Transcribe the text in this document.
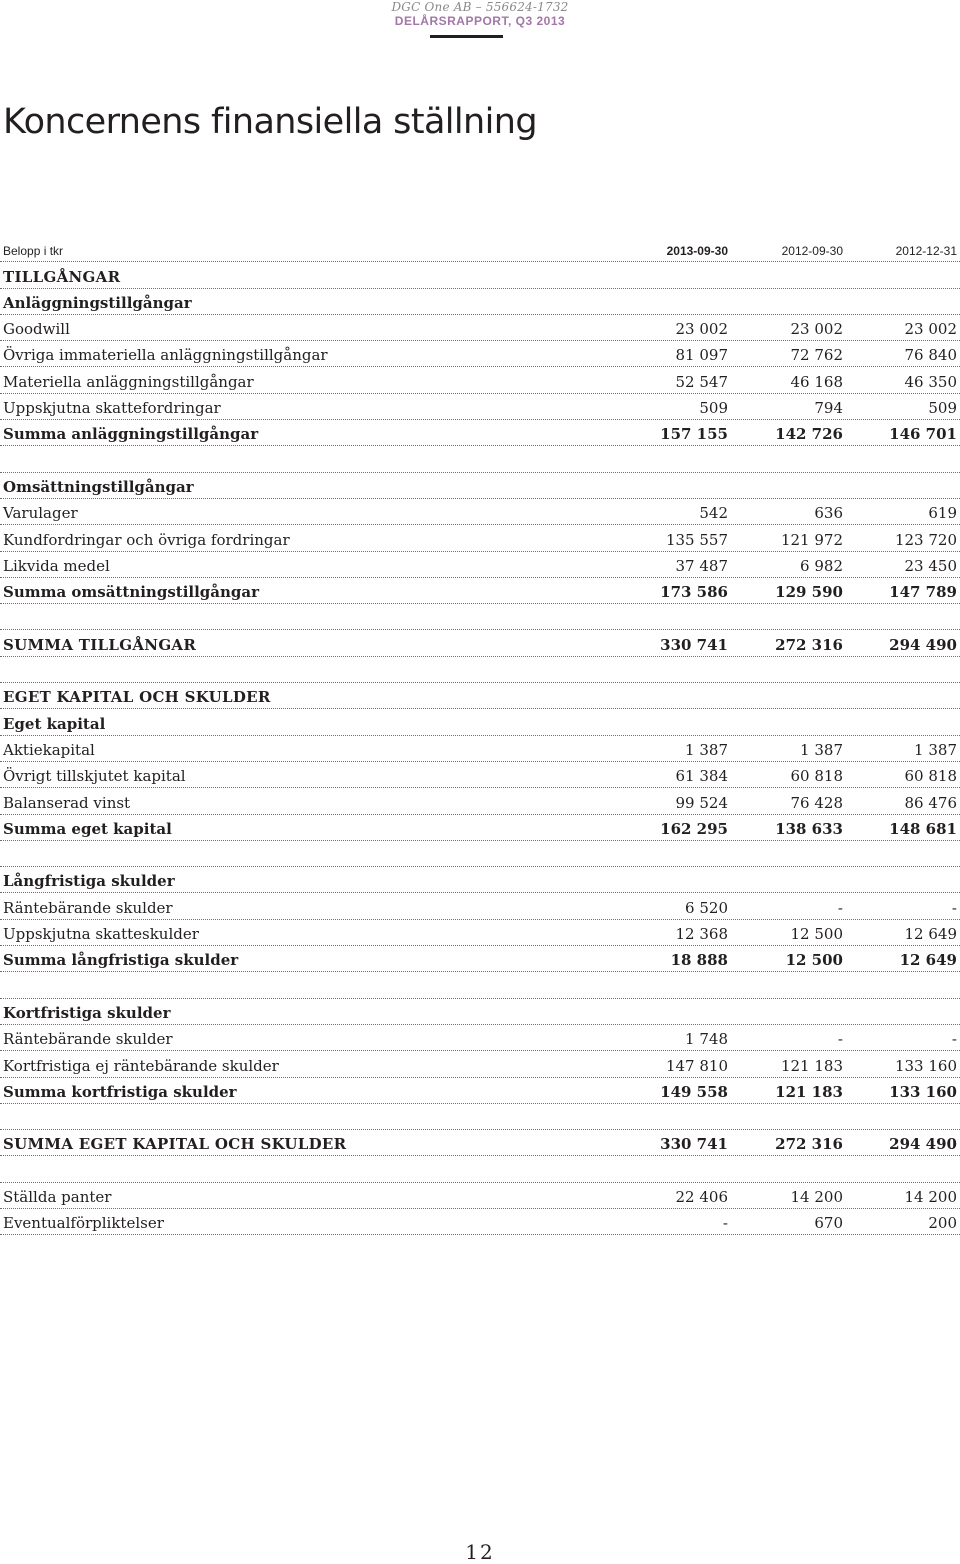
DGC One AB – 556624-1732
DELÅRSRAPPORT, Q3 2013
Koncernens finansiella ställning
Belopp i tkr	2013-09-30	2012-09-30	2012-12-31
TILLGÅNGAR
Anläggningstillgångar
Goodwill	23 002	23 002	23 002
Övriga immateriella anläggningstillgångar	81 097	72 762	76 840
Materiella anläggningstillgångar	52 547	46 168	46 350
Uppskjutna skattefordringar	509	794	509
Summa anläggningstillgångar	157 155	142 726	146 701
Omsättningstillgångar
Varulager	542	636	619
Kundfordringar och övriga fordringar	135 557	121 972	123 720
Likvida medel	37 487	6 982	23 450
Summa omsättningstillgångar	173 586	129 590	147 789
SUMMA TILLGÅNGAR	330 741	272 316	294 490
EGET KAPITAL OCH SKULDER
Eget kapital
Aktiekapital	1 387	1 387	1 387
Övrigt tillskjutet kapital	61 384	60 818	60 818
Balanserad vinst	99 524	76 428	86 476
Summa eget kapital	162 295	138 633	148 681
Långfristiga skulder
Räntebärande skulder	6 520	-	-
Uppskjutna skatteskulder	12 368	12 500	12 649
Summa långfristiga skulder	18 888	12 500	12 649
Kortfristiga skulder
Räntebärande skulder	1 748	-	-
Kortfristiga ej räntebärande skulder	147 810	121 183	133 160
Summa kortfristiga skulder	149 558	121 183	133 160
SUMMA EGET KAPITAL OCH SKULDER	330 741	272 316	294 490
Ställda panter	22 406	14 200	14 200
Eventualförpliktelser	-	670	200
12
